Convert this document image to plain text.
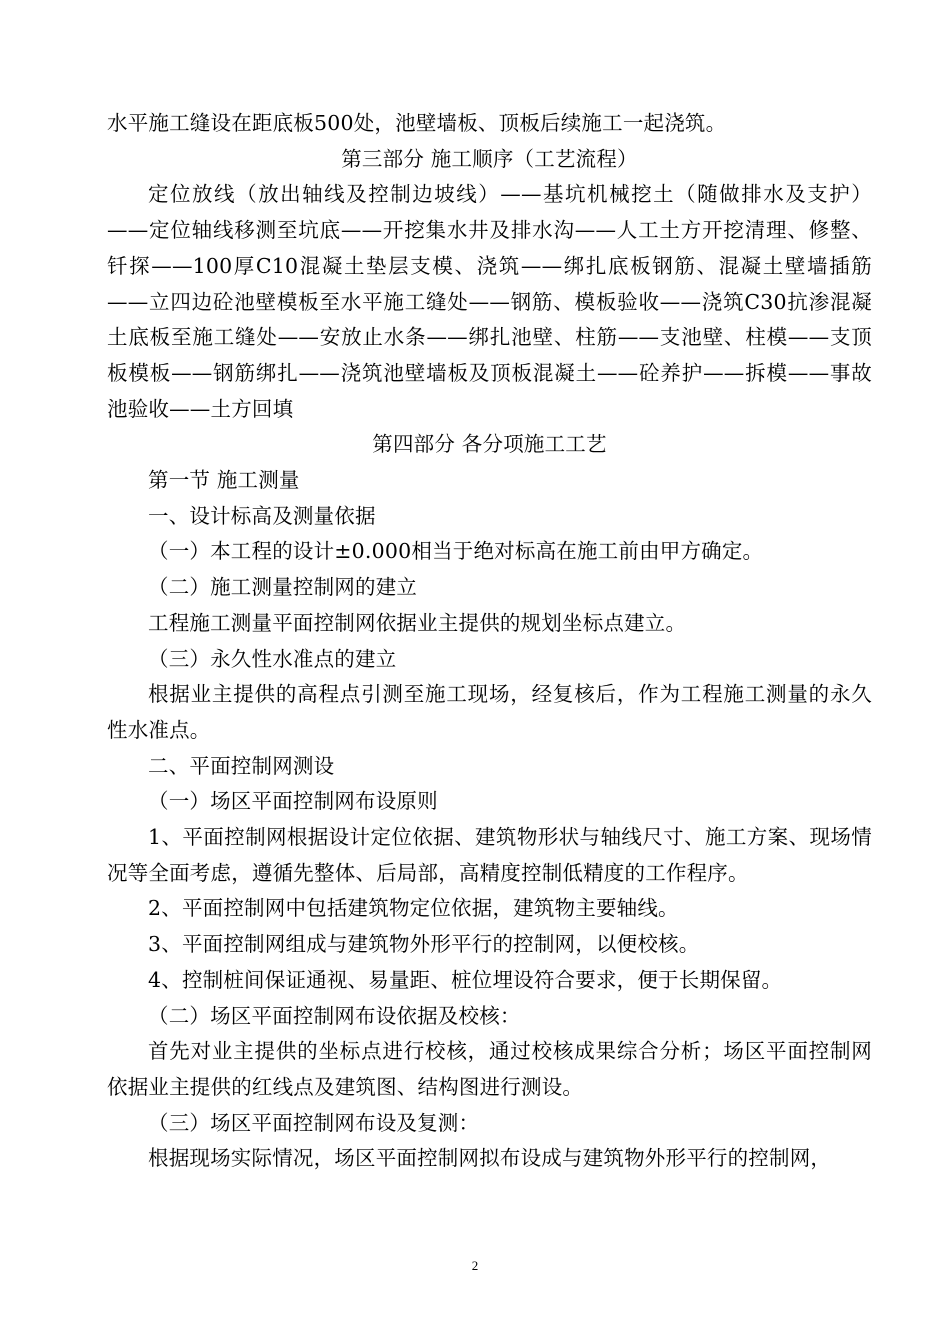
水平施工缝设在距底板500处，池壁墙板、顶板后续施工一起浇筑。

第三部分 施工顺序（工艺流程）

定位放线（放出轴线及控制边坡线）——基坑机械挖土（随做排水及支护）——定位轴线移测至坑底——开挖集水井及排水沟——人工土方开挖清理、修整、钎探——100厚C10混凝土垫层支模、浇筑——绑扎底板钢筋、混凝土壁墙插筋——立四边砼池壁模板至水平施工缝处——钢筋、模板验收——浇筑C30抗渗混凝土底板至施工缝处——安放止水条——绑扎池壁、柱筋——支池壁、柱模——支顶板模板——钢筋绑扎——浇筑池壁墙板及顶板混凝土——砼养护——拆模——事故池验收——土方回填

第四部分 各分项施工工艺

第一节 施工测量

一、设计标高及测量依据

（一）本工程的设计±0.000相当于绝对标高在施工前由甲方确定。

（二）施工测量控制网的建立

工程施工测量平面控制网依据业主提供的规划坐标点建立。

（三）永久性水准点的建立

根据业主提供的高程点引测至施工现场，经复核后，作为工程施工测量的永久性水准点。

二、平面控制网测设

（一）场区平面控制网布设原则

1、平面控制网根据设计定位依据、建筑物形状与轴线尺寸、施工方案、现场情况等全面考虑，遵循先整体、后局部，高精度控制低精度的工作程序。

2、平面控制网中包括建筑物定位依据，建筑物主要轴线。

3、平面控制网组成与建筑物外形平行的控制网，以便校核。

4、控制桩间保证通视、易量距、桩位埋设符合要求，便于长期保留。

（二）场区平面控制网布设依据及校核：

首先对业主提供的坐标点进行校核，通过校核成果综合分析；场区平面控制网依据业主提供的红线点及建筑图、结构图进行测设。

（三）场区平面控制网布设及复测：

根据现场实际情况，场区平面控制网拟布设成与建筑物外形平行的控制网，

2
